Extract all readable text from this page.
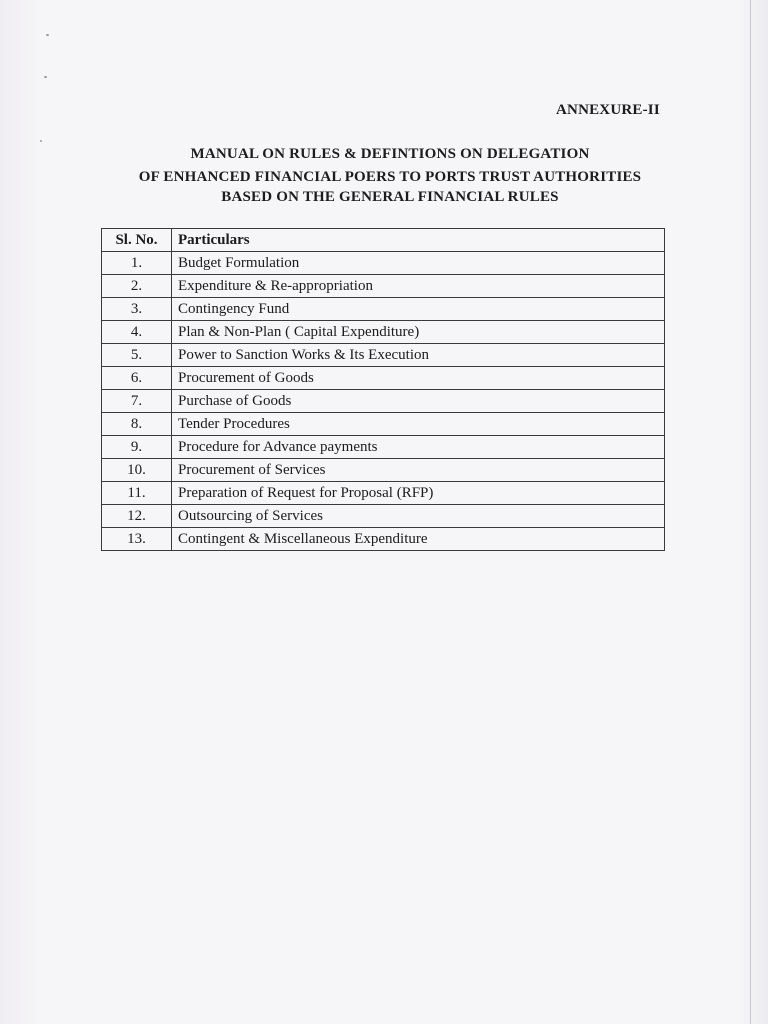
ANNEXURE-II
MANUAL ON RULES & DEFINTIONS ON DELEGATION
OF ENHANCED FINANCIAL POERS TO PORTS TRUST AUTHORITIES
BASED ON THE GENERAL FINANCIAL RULES
Sl. No.	Particulars
1.	Budget Formulation
2.	Expenditure & Re-appropriation
3.	Contingency Fund
4.	Plan & Non-Plan ( Capital Expenditure)
5.	Power to Sanction Works & Its Execution
6.	Procurement of Goods
7.	Purchase of Goods
8.	Tender Procedures
9.	Procedure for Advance payments
10.	Procurement of Services
11.	Preparation of Request for Proposal (RFP)
12.	Outsourcing of Services
13.	Contingent & Miscellaneous Expenditure
